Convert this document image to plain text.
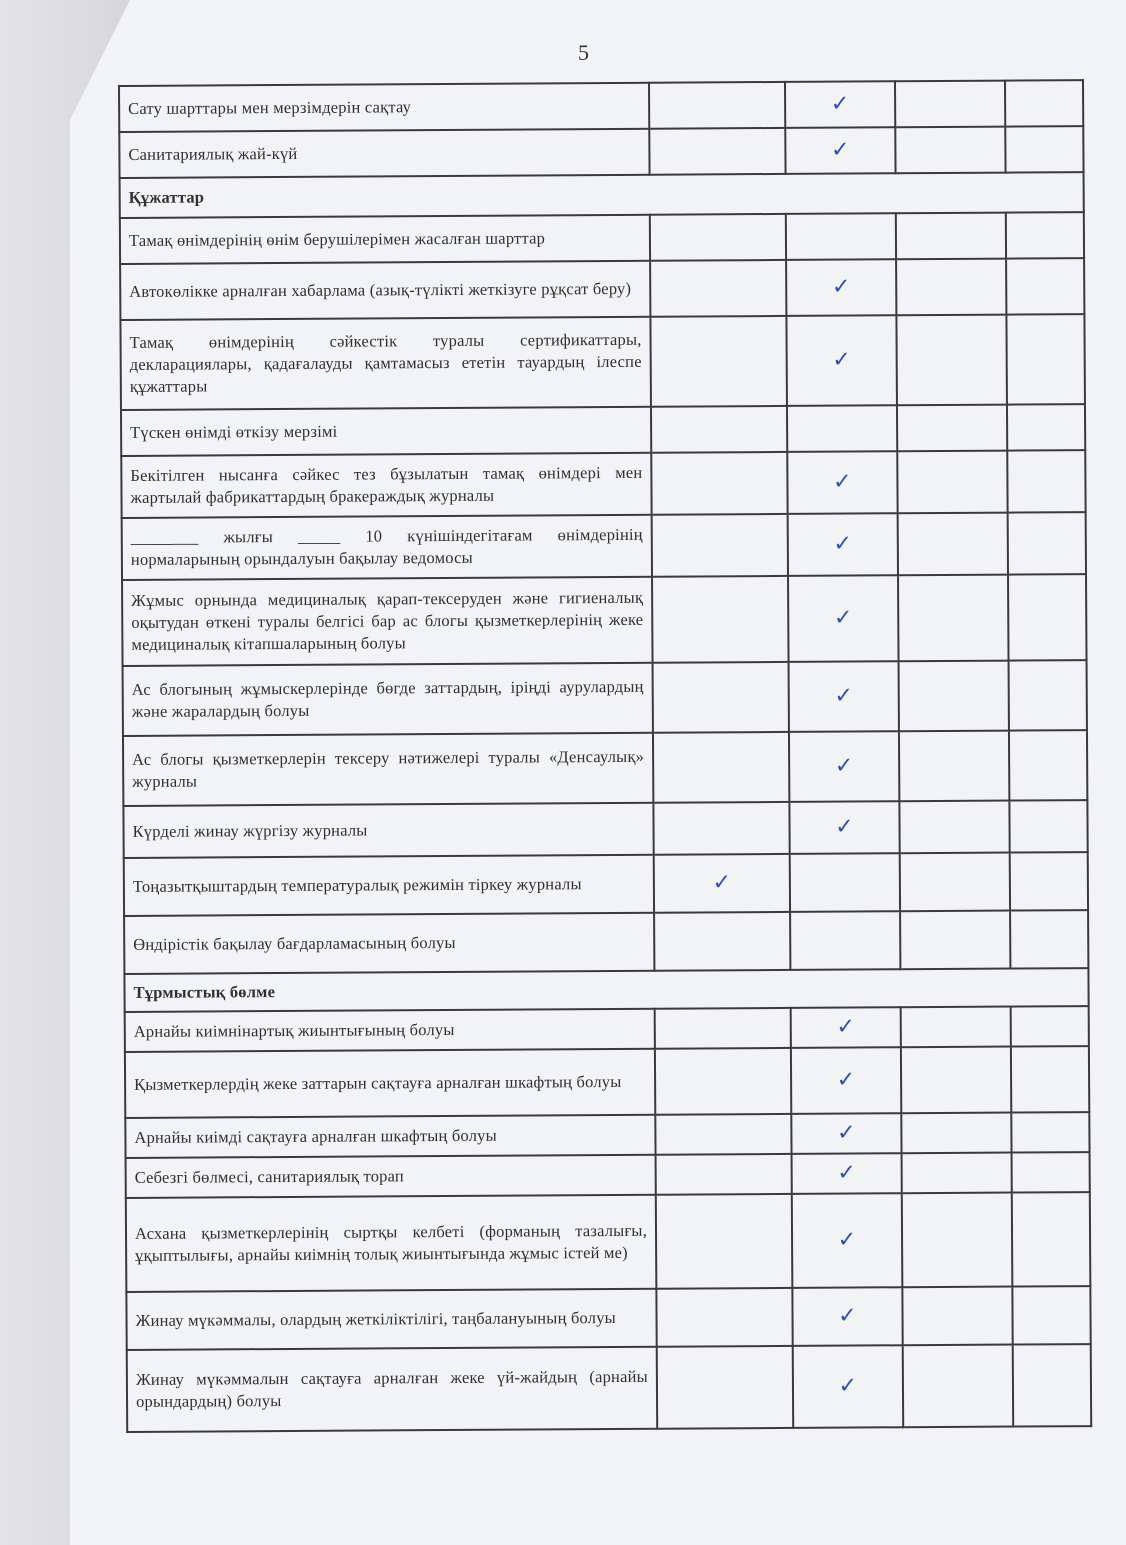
5
Сату шарттары мен мерзімдерін сақтау		✓		
Санитариялық жай-күй		✓		
Құжаттар				
Тамақ өнімдерінің өнім берушілерімен жасалған шарттар				
Автокөлікке арналған хабарлама (азық-түлікті жеткізуге рұқсат беру)		✓		
Тамақ өнімдерінің сәйкестік туралы сертификаттары, декларациялары, қадағалауды қамтамасыз ететін тауардың ілеспе құжаттары		✓		
Түскен өнімді өткізу мерзімі				
Бекітілген нысанға сәйкес тез бұзылатын тамақ өнімдері мен жартылай фабрикаттардың бракераждық журналы		✓		
________ жылғы _____ 10 күнішіндегітағам өнімдерінің нормаларының орындалуын бақылау ведомосы		✓		
Жұмыс орнында медициналық қарап-тексеруден және гигиеналық оқытудан өткені туралы белгісі бар ас блогы қызметкерлерінің жеке медициналық кітапшаларының болуы		✓		
Ас блогының жұмыскерлерінде бөгде заттардың, іріңді аурулардың және жаралардың болуы		✓		
Ас блогы қызметкерлерін тексеру нәтижелері туралы «Денсаулық» журналы		✓		
Күрделі жинау жүргізу журналы		✓		
Тоңазытқыштардың температуралық режимін тіркеу журналы	✓			
Өндірістік бақылау бағдарламасының болуы				
Тұрмыстық бөлме				
Арнайы киімнінартық жиынтығының болуы		✓		
Қызметкерлердің жеке заттарын сақтауға арналған шкафтың болуы		✓		
Арнайы киімді сақтауға арналған шкафтың болуы		✓		
Себезгі бөлмесі, санитариялық торап		✓		
Асхана қызметкерлерінің сыртқы келбеті (форманың тазалығы, ұқыптылығы, арнайы киімнің толық жиынтығында жұмыс істей ме)		✓		
Жинау мүкәммалы, олардың жеткіліктілігі, таңбалануының болуы		✓		
Жинау мүкәммалын сақтауға арналған жеке үй-жайдың (арнайы орындардың) болуы		✓		
